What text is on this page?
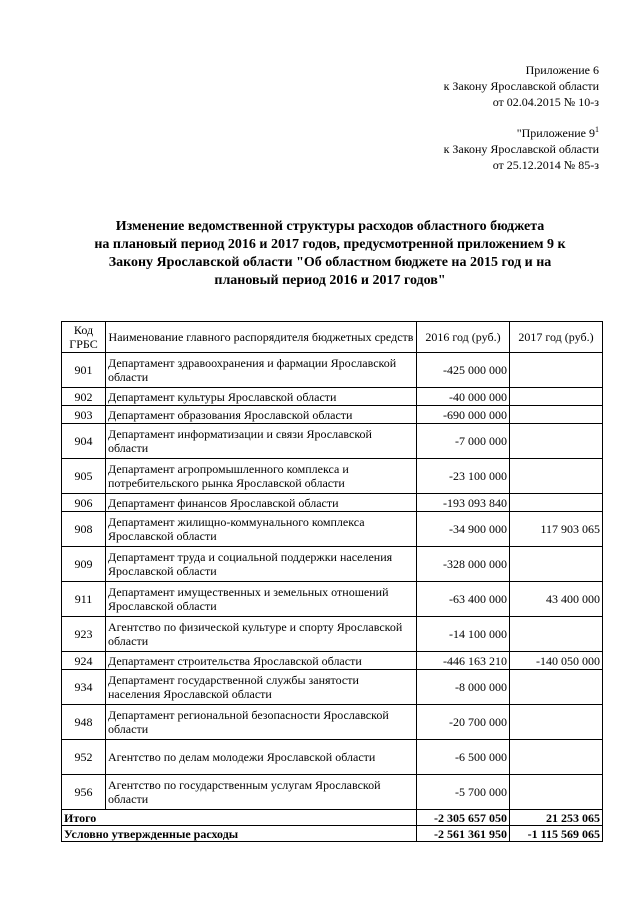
Приложение 6
к Закону Ярославской области
от 02.04.2015 № 10-з
"Приложение $9^1$
к Закону Ярославской области
от 25.12.2014 № 85-з
Изменение ведомственной структуры расходов областного бюджета
на плановый период 2016 и 2017 годов, предусмотренной приложением 9 к
Закону Ярославской области "Об областном бюджете на 2015 год и на
плановый период 2016 и 2017 годов"
Код ГРБС	Наименование главного распорядителя бюджетных средств	2016 год (руб.)	2017 год (руб.)
901	Департамент здравоохранения и фармации Ярославской области	-425 000 000	
902	Департамент культуры Ярославской области	-40 000 000	
903	Департамент образования Ярославской области	-690 000 000	
904	Департамент информатизации и связи Ярославской области	-7 000 000	
905	Департамент агропромышленного комплекса и потребительского рынка Ярославской области	-23 100 000	
906	Департамент финансов Ярославской области	-193 093 840	
908	Департамент жилищно-коммунального комплекса Ярославской области	-34 900 000	117 903 065
909	Департамент труда и социальной поддержки населения Ярославской области	-328 000 000	
911	Департамент имущественных и земельных отношений Ярославской области	-63 400 000	43 400 000
923	Агентство по физической культуре и спорту Ярославской области	-14 100 000	
924	Департамент строительства Ярославской области	-446 163 210	-140 050 000
934	Департамент государственной службы занятости населения Ярославской области	-8 000 000	
948	Департамент региональной безопасности Ярославской области	-20 700 000	
952	Агентство по делам молодежи Ярославской области	-6 500 000	
956	Агентство по государственным услугам Ярославской области	-5 700 000	
Итого		-2 305 657 050	21 253 065
Условно утвержденные расходы		-2 561 361 950	-1 115 569 065
